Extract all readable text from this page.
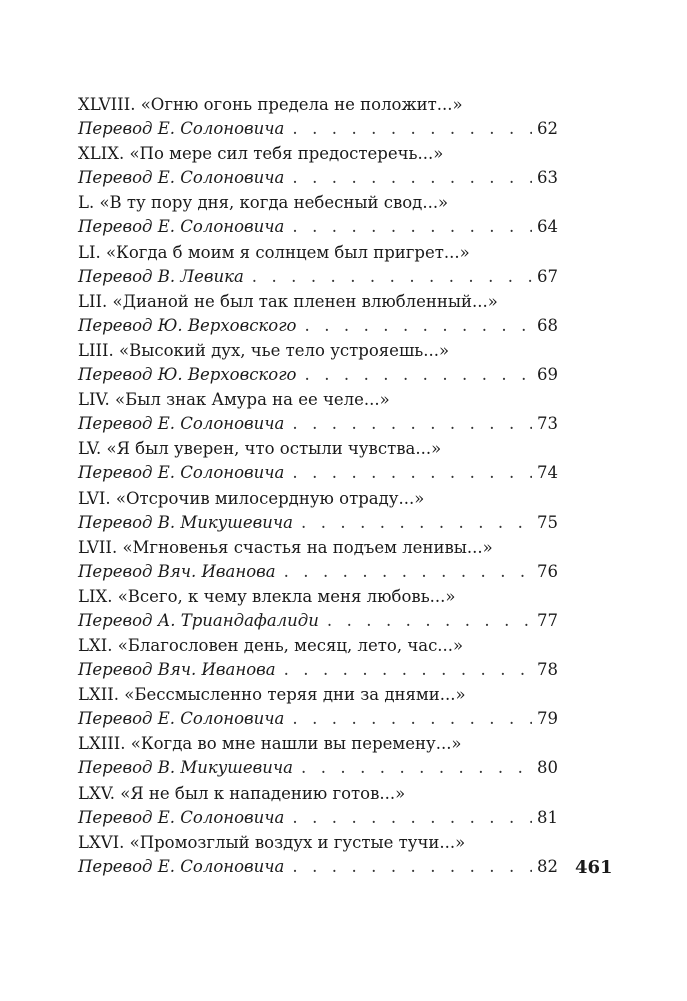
XLVIII. «Огню огонь предела не положит...»
Перевод Е. Солоновича . . .	62
XLIX. «По мере сил тебя предостеречь...»
Перевод Е. Солоновича . . .	63
L. «В ту пору дня, когда небесный свод...»
Перевод Е. Солоновича . . .	64
LI. «Когда б моим я солнцем был пригрет...»
Перевод В. Левика . . .	67
LII. «Дианой не был так пленен влюбленный...»
Перевод Ю. Верховского . . .	68
LIII. «Высокий дух, чье тело устрояешь...»
Перевод Ю. Верховского . . .	69
LIV. «Был знак Амура на ее челе...»
Перевод Е. Солоновича . . .	73
LV. «Я был уверен, что остыли чувства...»
Перевод Е. Солоновича . . .	74
LVI. «Отсрочив милосердную отраду...»
Перевод В. Микушевича . . .	75
LVII. «Мгновенья счастья на подъем ленивы...»
Перевод Вяч. Иванова . . .	76
LIX. «Всего, к чему влекла меня любовь...»
Перевод А. Триандафалиди . . .	77
LXI. «Благословен день, месяц, лето, час...»
Перевод Вяч. Иванова . . .	78
LXII. «Бессмысленно теряя дни за днями...»
Перевод Е. Солоновича . . .	79
LXIII. «Когда во мне нашли вы перемену...»
Перевод В. Микушевича . . .	80
LXV. «Я не был к нападению готов...»
Перевод Е. Солоновича . . .	81
LXVI. «Промозглый воздух и густые тучи...»
Перевод Е. Солоновича . . .	82 461
